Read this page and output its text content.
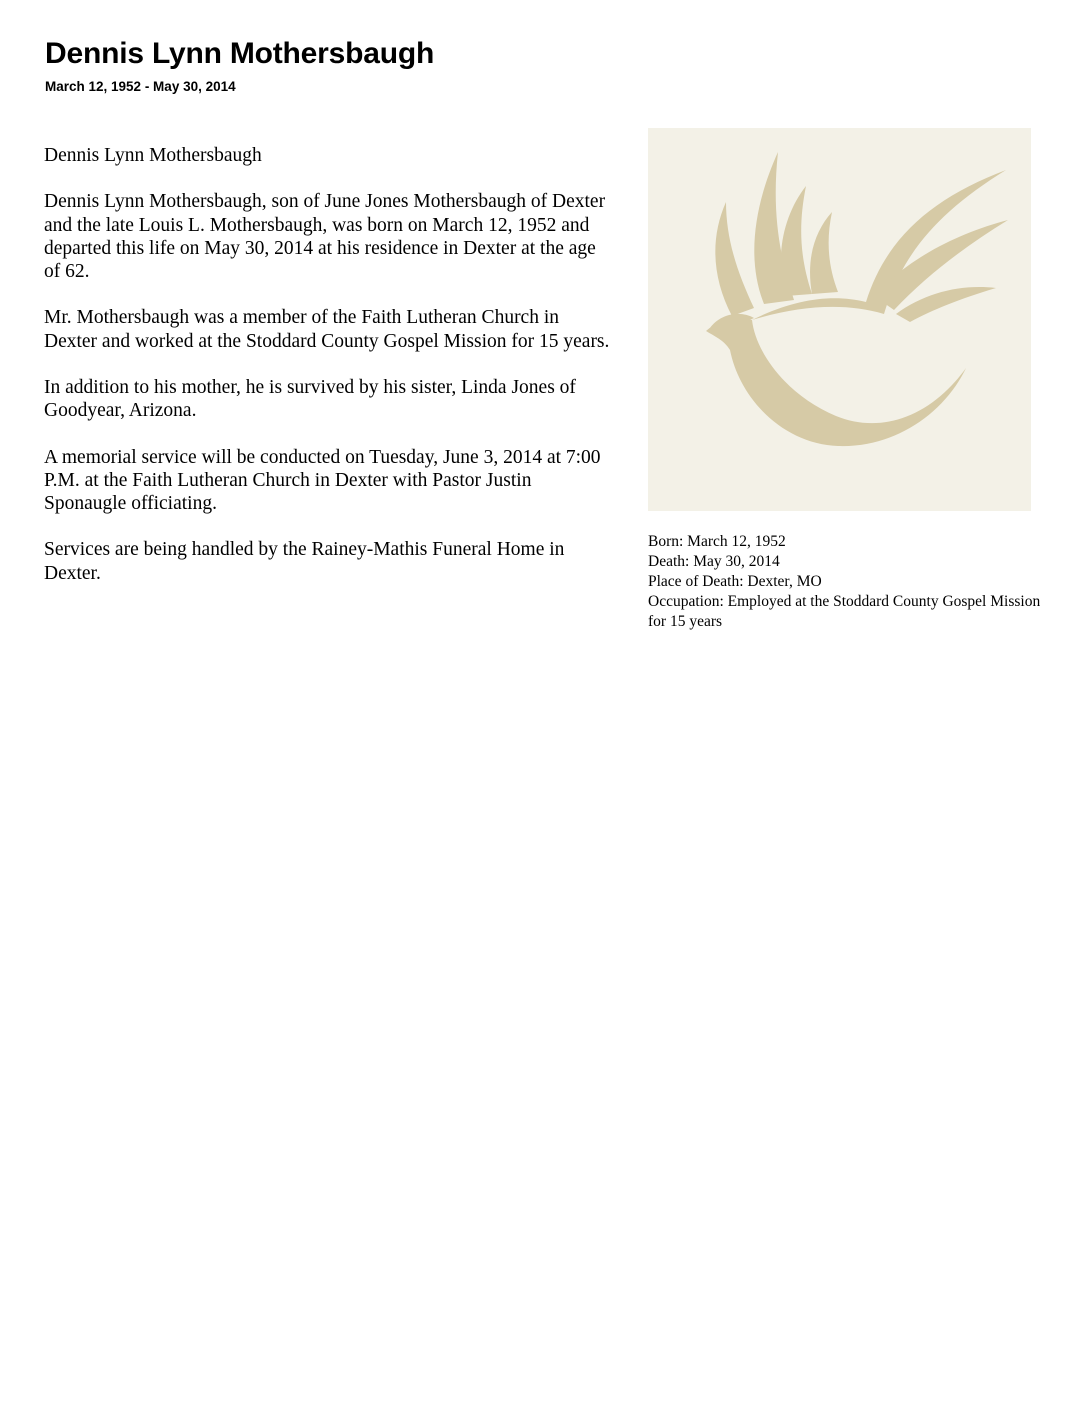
Dennis Lynn Mothersbaugh
March 12, 1952 - May 30, 2014

Dennis Lynn Mothersbaugh

Dennis Lynn Mothersbaugh, son of June Jones Mothersbaugh of Dexter and the late Louis L. Mothersbaugh, was born on March 12, 1952 and departed this life on May 30, 2014 at his residence in Dexter at the age of 62.

Mr. Mothersbaugh was a member of the Faith Lutheran Church in Dexter and worked at the Stoddard County Gospel Mission for 15 years.

In addition to his mother, he is survived by his sister, Linda Jones of Goodyear, Arizona.

A memorial service will be conducted on Tuesday, June 3, 2014 at 7:00 P.M. at the Faith Lutheran Church in Dexter with Pastor Justin Sponaugle officiating.

Services are being handled by the Rainey-Mathis Funeral Home in Dexter.

Born: March 12, 1952
Death: May 30, 2014
Place of Death: Dexter, MO
Occupation: Employed at the Stoddard County Gospel Mission for 15 years
